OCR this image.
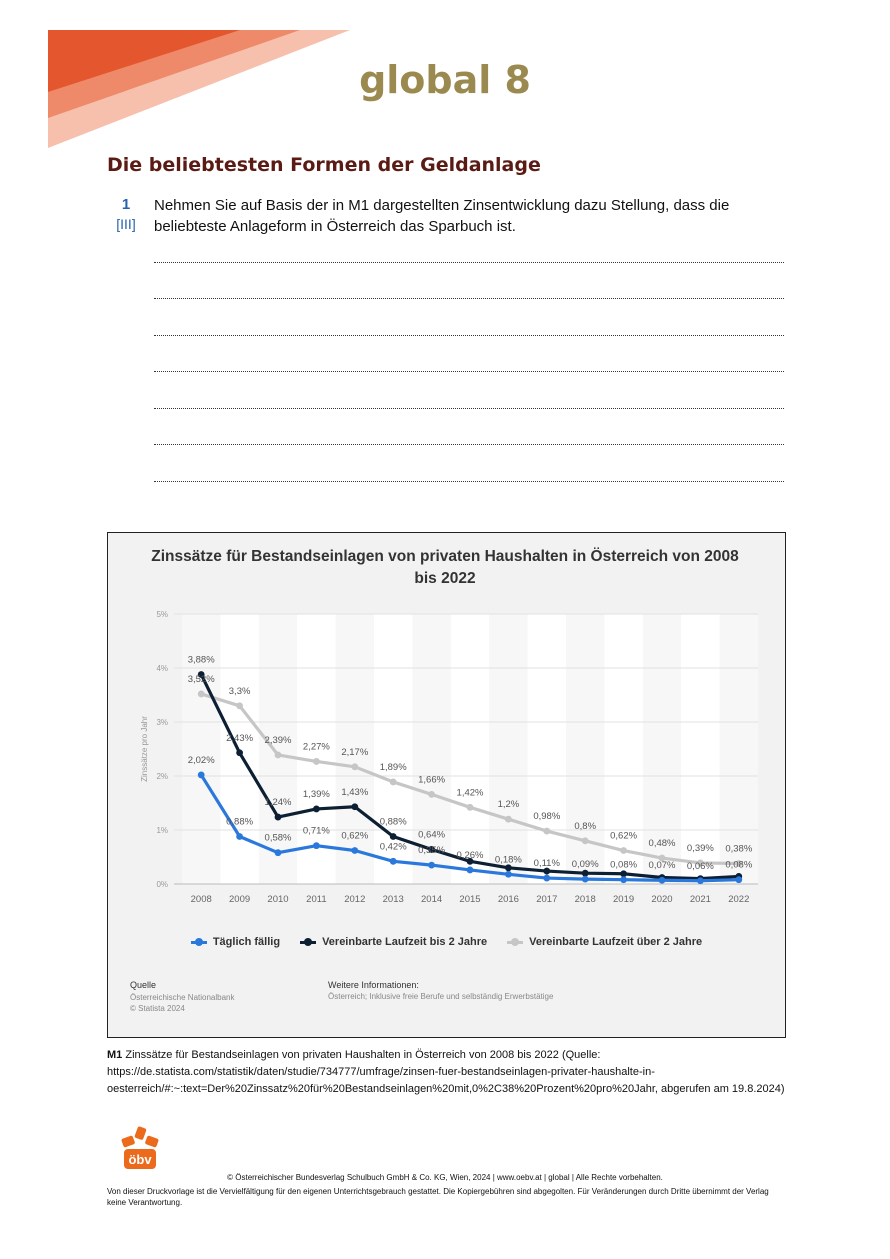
global 8
Die beliebtesten Formen der Geldanlage
1
[III]
Nehmen Sie auf Basis der in M1 dargestellten Zinsentwicklung dazu Stellung, dass die beliebteste Anlageform in Österreich das Sparbuch ist.
Zinssätze für Bestandseinlagen von privaten Haushalten in Österreich von 2008 bis 2022
0%
1%
2%
3%
4%
5%
Zinssätze pro Jahr
2008 2009 2010 2011 2012 2013 2014 2015 2016 2017 2018 2019 2020 2021 2022
2,02%
0,88%
0,58%
0,71% 0,62%
0,42% 0,35% 0,26% 0,18% 0,11% 0,09% 0,08% 0,07% 0,06% 0,08%
3,88%
2,43%
1,24%
1,39% 1,43%
0,88%
0,64%
3,52%
3,3%
2,39%
2,27% 2,17%
1,89%
1,66%
1,42%
1,2%
0,98%
0,8%
0,62%
0,48% 0,39% 0,38%
Täglich fällig	Vereinbarte Laufzeit bis 2 Jahre	Vereinbarte Laufzeit über 2 Jahre
Quelle
Österreichische Nationalbank
© Statista 2024
Weitere Informationen:
Österreich; Inklusive freie Berufe und selbständig Erwerbstätige
M1 Zinssätze für Bestandseinlagen von privaten Haushalten in Österreich von 2008 bis 2022 (Quelle: https://de.statista.com/statistik/daten/studie/734777/umfrage/zinsen-fuer-bestandseinlagen-privater-haushalte-in-oesterreich/#:~:text=Der%20Zinssatz%20für%20Bestandseinlagen%20mit,0%2C38%20Prozent%20pro%20Jahr, abgerufen am 19.8.2024)
öbv
© Österreichischer Bundesverlag Schulbuch GmbH & Co. KG, Wien, 2024 | www.oebv.at | global | Alle Rechte vorbehalten.
Von dieser Druckvorlage ist die Vervielfältigung für den eigenen Unterrichtsgebrauch gestattet. Die Kopiergebühren sind abgegolten. Für Veränderungen durch Dritte übernimmt der Verlag keine Verantwortung.
